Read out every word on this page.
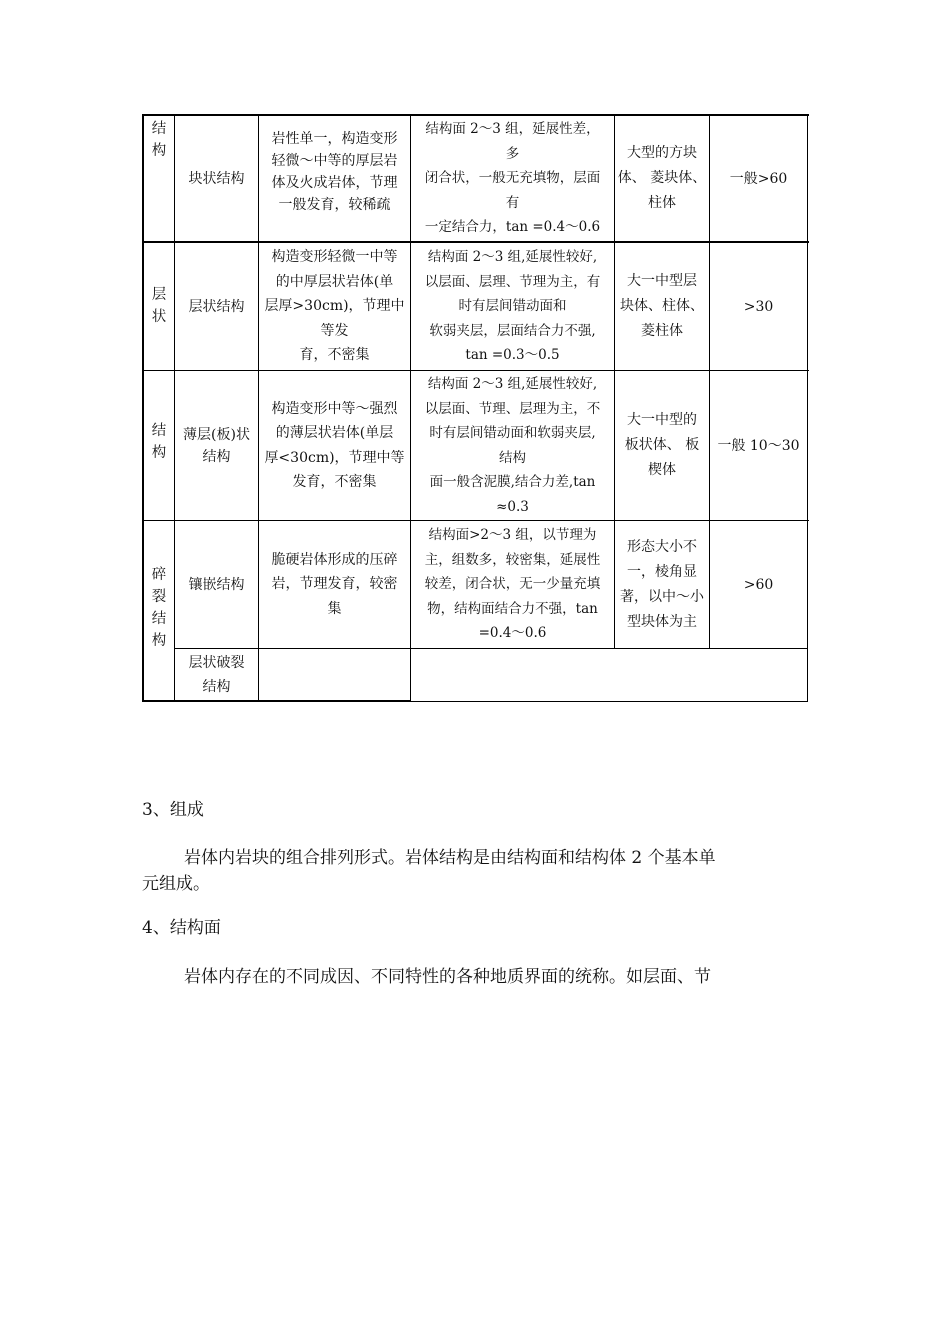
结构
层状
结构
碎裂结构
块状结构
岩性单一，构造变形
轻微～中等的厚层岩
体及火成岩体，节理
一般发育，较稀疏
结构面 2～3 组，延展性差，
多
闭合状，一般无充填物，层面
有
一定结合力，tan =0.4～0.6
大型的方块
体、 菱块体、
柱体
一般>60
层状结构
构造变形轻微一中等
的中厚层状岩体(单
层厚>30cm)，节理中
等发
育，不密集
结构面 2～3 组,延展性较好,
以层面、层理、节理为主，有
时有层间错动面和
软弱夹层，层面结合力不强,
tan =0.3～0.5
大一中型层
块体、柱体、
菱柱体
>30
薄层(板)状
结构
构造变形中等～强烈
的薄层状岩体(单层
厚<30cm)，节理中等
发育，不密集
结构面 2～3 组,延展性较好,
以层面、节理、层理为主，不
时有层间错动面和软弱夹层,
结构
面一般含泥膜,结合力差,tan
≈0.3
大一中型的
板状体、 板
楔体
一般 10～30
镶嵌结构
脆硬岩体形成的压碎
岩，节理发育，较密
集
结构面>2～3 组，以节理为
主，组数多，较密集，延展性
较差，闭合状，无一少量充填
物，结构面结合力不强，tan
=0.4～0.6
形态大小不
一，棱角显
著，以中～小
型块体为主
>60
层状破裂
结构
3、组成
岩体内岩块的组合排列形式。岩体结构是由结构面和结构体 2 个基本单
元组成。
4、结构面
岩体内存在的不同成因、不同特性的各种地质界面的统称。如层面、节
